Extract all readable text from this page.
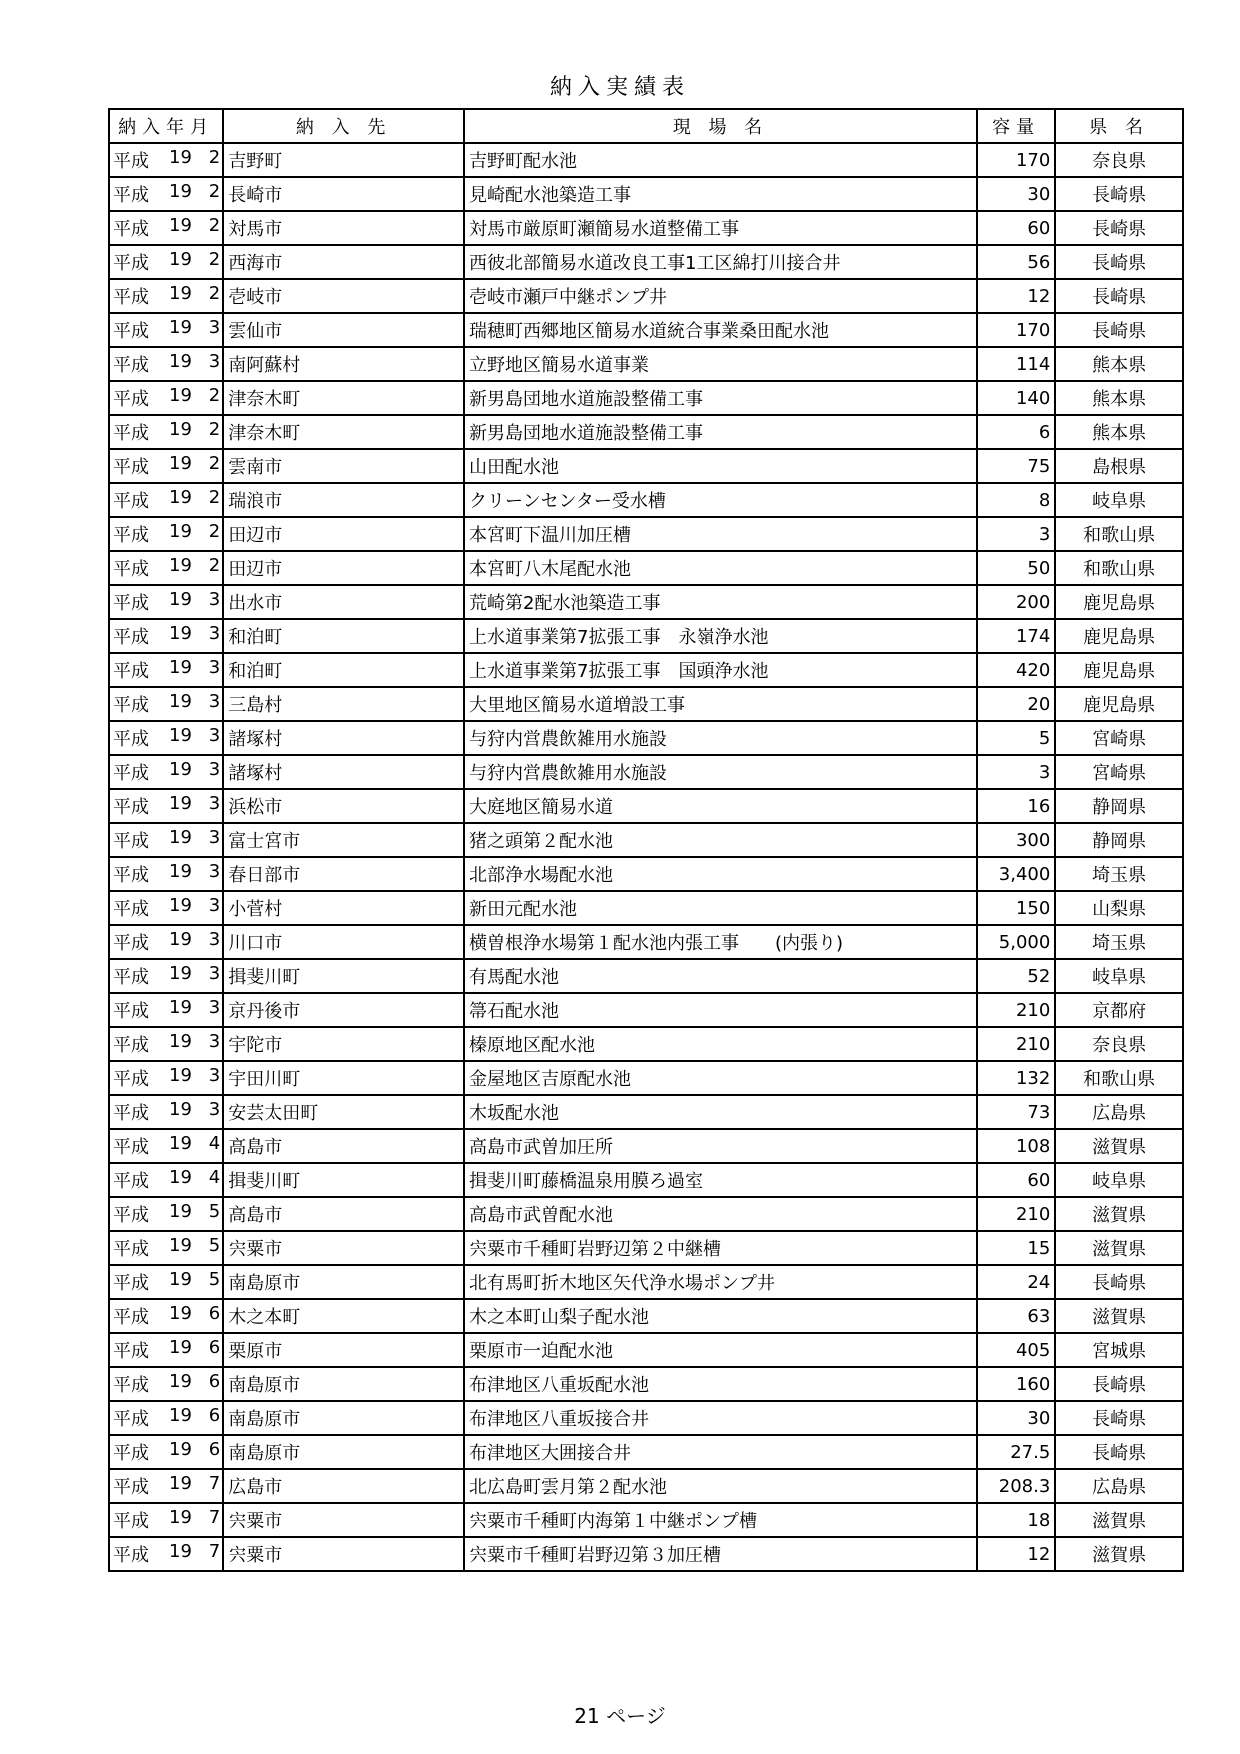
納入実績表
納入年月	納 入 先	現 場 名	容量	県 名

平成 19 2	吉野町	吉野町配水池	170	奈良県

平成 19 2	長崎市	見崎配水池築造工事	30	長崎県

平成 19 2	対馬市	対馬市厳原町瀬簡易水道整備工事	60	長崎県

平成 19 2	西海市	西彼北部簡易水道改良工事1工区綿打川接合井	56	長崎県

平成 19 2	壱岐市	壱岐市瀬戸中継ポンプ井	12	長崎県

平成 19 3	雲仙市	瑞穂町西郷地区簡易水道統合事業桑田配水池	170	長崎県

平成 19 3	南阿蘇村	立野地区簡易水道事業	114	熊本県

平成 19 2	津奈木町	新男島団地水道施設整備工事	140	熊本県

平成 19 2	津奈木町	新男島団地水道施設整備工事	6	熊本県

平成 19 2	雲南市	山田配水池	75	島根県

平成 19 2	瑞浪市	クリーンセンター受水槽	8	岐阜県

平成 19 2	田辺市	本宮町下温川加圧槽	3	和歌山県

平成 19 2	田辺市	本宮町八木尾配水池	50	和歌山県

平成 19 3	出水市	荒崎第2配水池築造工事	200	鹿児島県

平成 19 3	和泊町	上水道事業第7拡張工事　永嶺浄水池	174	鹿児島県

平成 19 3	和泊町	上水道事業第7拡張工事　国頭浄水池	420	鹿児島県

平成 19 3	三島村	大里地区簡易水道増設工事	20	鹿児島県

平成 19 3	諸塚村	与狩内営農飲雑用水施設	5	宮崎県

平成 19 3	諸塚村	与狩内営農飲雑用水施設	3	宮崎県

平成 19 3	浜松市	大庭地区簡易水道	16	静岡県

平成 19 3	富士宮市	猪之頭第２配水池	300	静岡県

平成 19 3	春日部市	北部浄水場配水池	3,400	埼玉県

平成 19 3	小菅村	新田元配水池	150	山梨県

平成 19 3	川口市	横曽根浄水場第１配水池内張工事　　(内張り)	5,000	埼玉県

平成 19 3	揖斐川町	有馬配水池	52	岐阜県

平成 19 3	京丹後市	箒石配水池	210	京都府

平成 19 3	宇陀市	榛原地区配水池	210	奈良県

平成 19 3	宇田川町	金屋地区吉原配水池	132	和歌山県

平成 19 3	安芸太田町	木坂配水池	73	広島県

平成 19 4	高島市	高島市武曽加圧所	108	滋賀県

平成 19 4	揖斐川町	揖斐川町藤橋温泉用膜ろ過室	60	岐阜県

平成 19 5	高島市	高島市武曽配水池	210	滋賀県

平成 19 5	宍粟市	宍粟市千種町岩野辺第２中継槽	15	滋賀県

平成 19 5	南島原市	北有馬町折木地区矢代浄水場ポンプ井	24	長崎県

平成 19 6	木之本町	木之本町山梨子配水池	63	滋賀県

平成 19 6	栗原市	栗原市一迫配水池	405	宮城県

平成 19 6	南島原市	布津地区八重坂配水池	160	長崎県

平成 19 6	南島原市	布津地区八重坂接合井	30	長崎県

平成 19 6	南島原市	布津地区大囲接合井	27.5	長崎県

平成 19 7	広島市	北広島町雲月第２配水池	208.3	広島県

平成 19 7	宍粟市	宍粟市千種町内海第１中継ポンプ槽	18	滋賀県

平成 19 7	宍粟市	宍粟市千種町岩野辺第３加圧槽	12	滋賀県
21 ページ
